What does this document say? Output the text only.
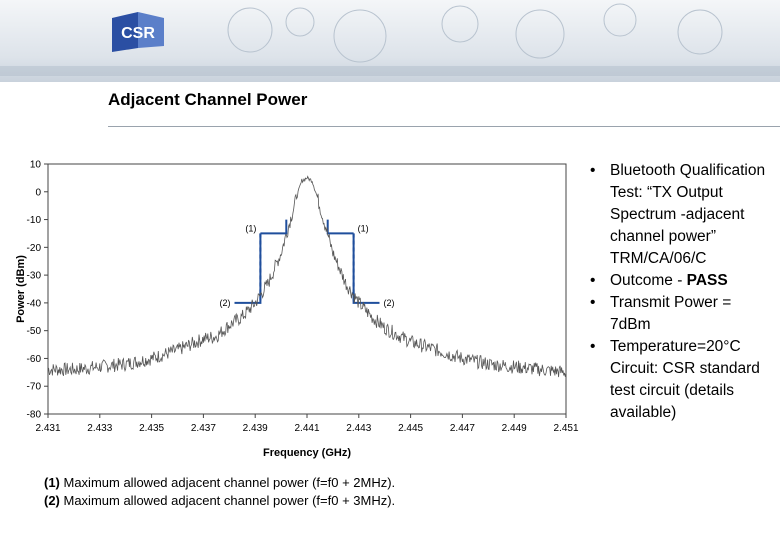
CSR
Adjacent Channel Power
10
0
-10
-20
-30
-40
-50
-60
-70
-80
2.431	2.433	2.435	2.437	2.439	2.441	2.443	2.445	2.447	2.449	2.451
(1)
(2)
(1)
(2)
Power (dBm)
Frequency (GHz)
(1) Maximum allowed adjacent channel power (f=f0 + 2MHz).
(2) Maximum allowed adjacent channel power (f=f0 + 3MHz).
• Bluetooth Qualification Test: “TX Output Spectrum -adjacent channel power” TRM/CA/06/C
• Outcome - PASS
• Transmit Power = 7dBm
• Temperature=20°C Circuit: CSR standard test circuit (details available)
